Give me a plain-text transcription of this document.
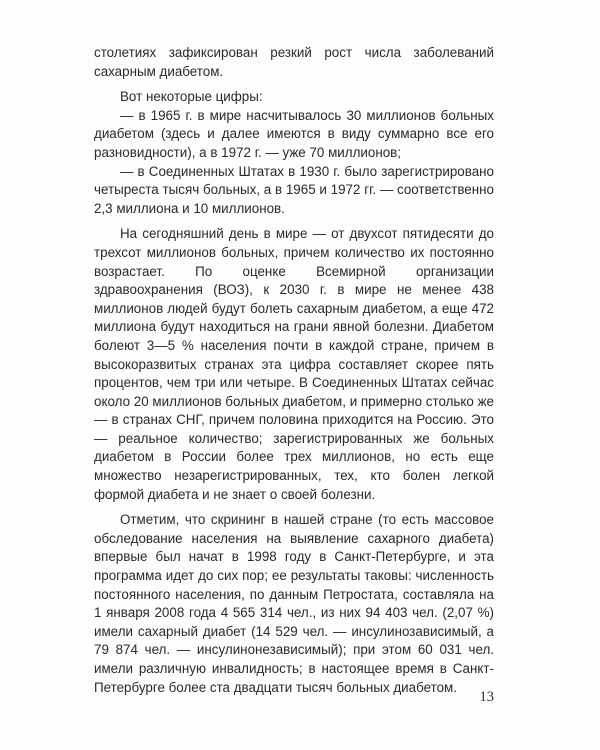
столетиях зафиксирован резкий рост числа заболеваний сахарным диабетом.

Вот некоторые цифры:

— в 1965 г. в мире насчитывалось 30 миллионов больных диабетом (здесь и далее имеются в виду суммарно все его разновидности), а в 1972 г. — уже 70 миллионов;

— в Соединенных Штатах в 1930 г. было зарегистрировано четыреста тысяч больных, а в 1965 и 1972 гг. — соответственно 2,3 миллиона и 10 миллионов.

На сегодняшний день в мире — от двухсот пятидесяти до трехсот миллионов больных, причем количество их постоянно возрастает. По оценке Всемирной организации здравоохранения (ВОЗ), к 2030 г. в мире не менее 438 миллионов людей будут болеть сахарным диабетом, а еще 472 миллиона будут находиться на грани явной болезни. Диабетом болеют 3—5 % населения почти в каждой стране, причем в высокоразвитых странах эта цифра составляет скорее пять процентов, чем три или четыре. В Соединенных Штатах сейчас около 20 миллионов больных диабетом, и примерно столько же — в странах СНГ, причем половина приходится на Россию. Это — реальное количество; зарегистрированных же больных диабетом в России более трех миллионов, но есть еще множество незарегистрированных, тех, кто болен легкой формой диабета и не знает о своей болезни.

Отметим, что скрининг в нашей стране (то есть массовое обследование населения на выявление сахарного диабета) впервые был начат в 1998 году в Санкт-Петербурге, и эта программа идет до сих пор; ее результаты таковы: численность постоянного населения, по данным Петростата, составляла на 1 января 2008 года 4 565 314 чел., из них 94 403 чел. (2,07 %) имели сахарный диабет (14 529 чел. — инсулинозависимый, а 79 874 чел. — инсулинонезависимый); при этом 60 031 чел. имели различную инвалидность; в настоящее время в Санкт-Петербурге более ста двадцати тысяч больных диабетом.

13
